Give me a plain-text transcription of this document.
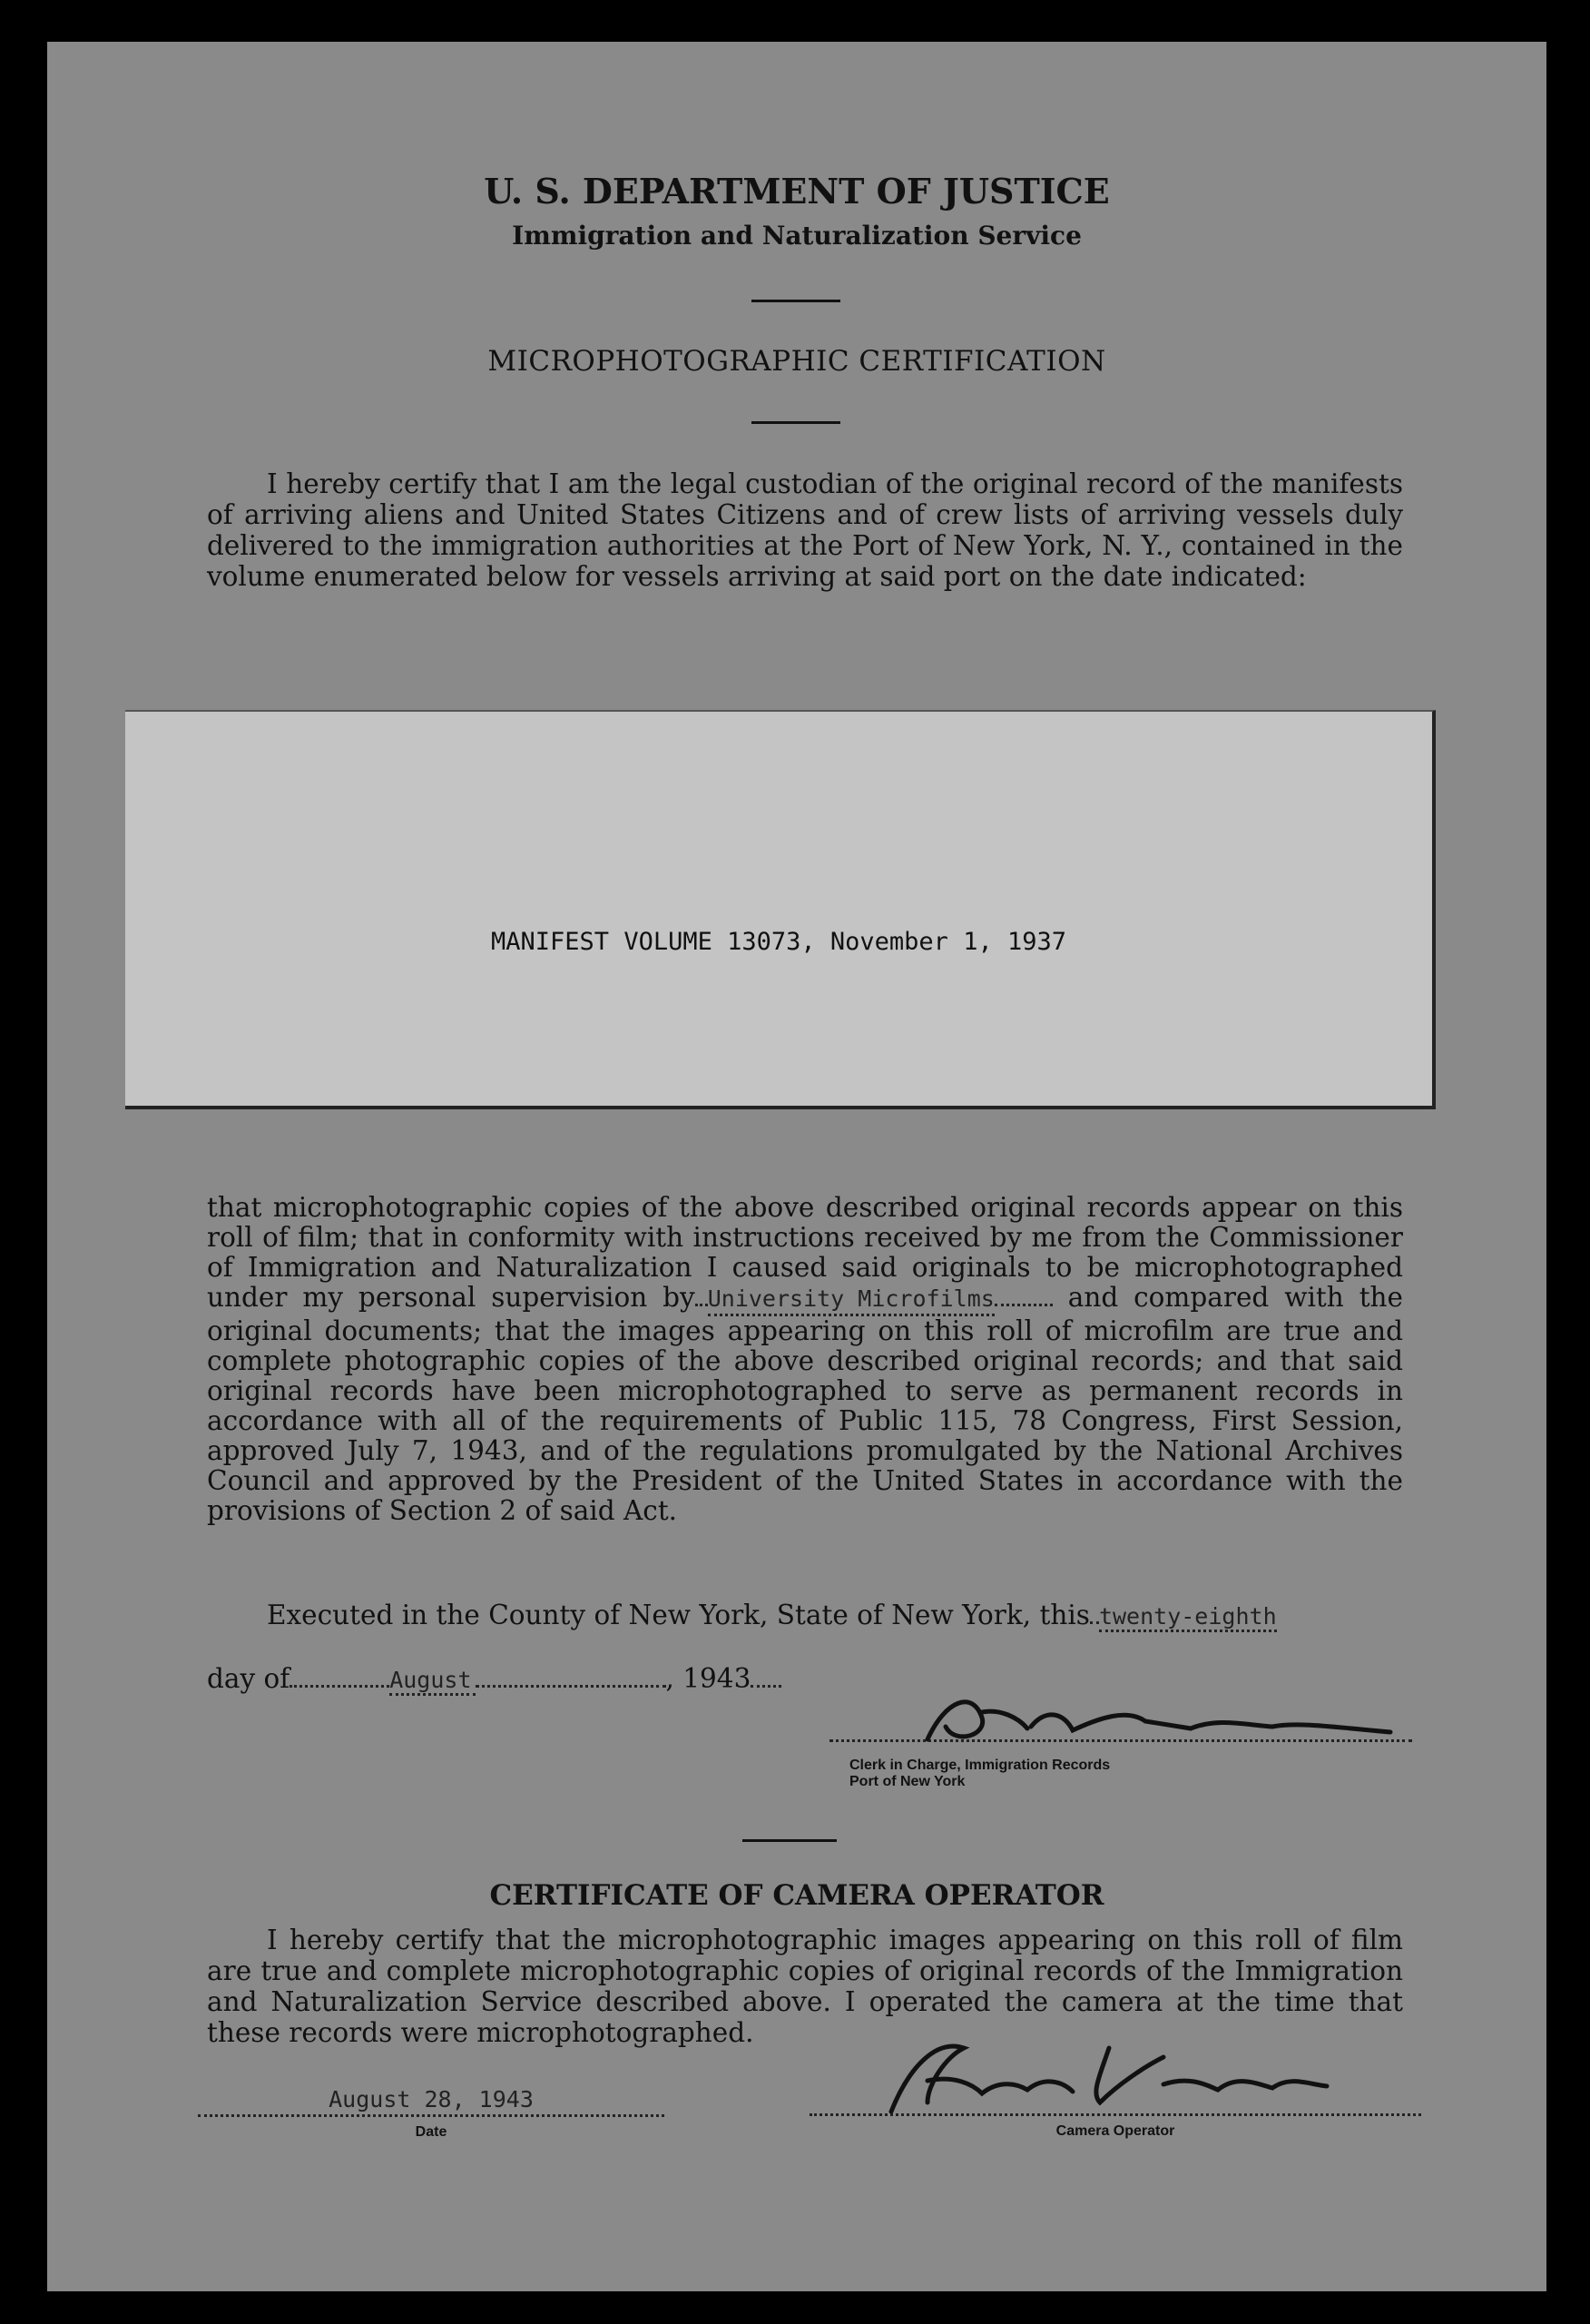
U. S. DEPARTMENT OF JUSTICE
Immigration and Naturalization Service
MICROPHOTOGRAPHIC CERTIFICATION
I hereby certify that I am the legal custodian of the original record of the manifests of arriving aliens and United States Citizens and of crew lists of arriving vessels duly delivered to the immigration authorities at the Port of New York, N. Y., contained in the volume enumerated below for vessels arriving at said port on the date indicated:
MANIFEST VOLUME 13073, November 1, 1937
that microphotographic copies of the above described original records appear on this roll of film; that in conformity with instructions received by me from the Commissioner of Immigration and Naturalization I caused said originals to be microphotographed under my personal supervision by University Microfilms	and compared with the original documents; that the images appearing on this roll of microfilm are true and complete photographic copies of the above described original records; and that said original records have been microphotographed to serve as permanent records in accordance with all of the requirements of Public 115, 78 Congress, First Session, approved July 7, 1943, and of the regulations promulgated by the National Archives Council and approved by the President of the United States in accordance with the provisions of Section 2 of said Act.
Executed in the County of New York, State of New York, this twenty-eighth
day of	August	, 1943
Clerk in Charge, Immigration Records
Port of New York
CERTIFICATE OF CAMERA OPERATOR
I hereby certify that the microphotographic images appearing on this roll of film are true and complete microphotographic copies of original records of the Immigration and Naturalization Service described above. I operated the camera at the time that these records were microphotographed.
August 28, 1943
Date	Camera Operator
